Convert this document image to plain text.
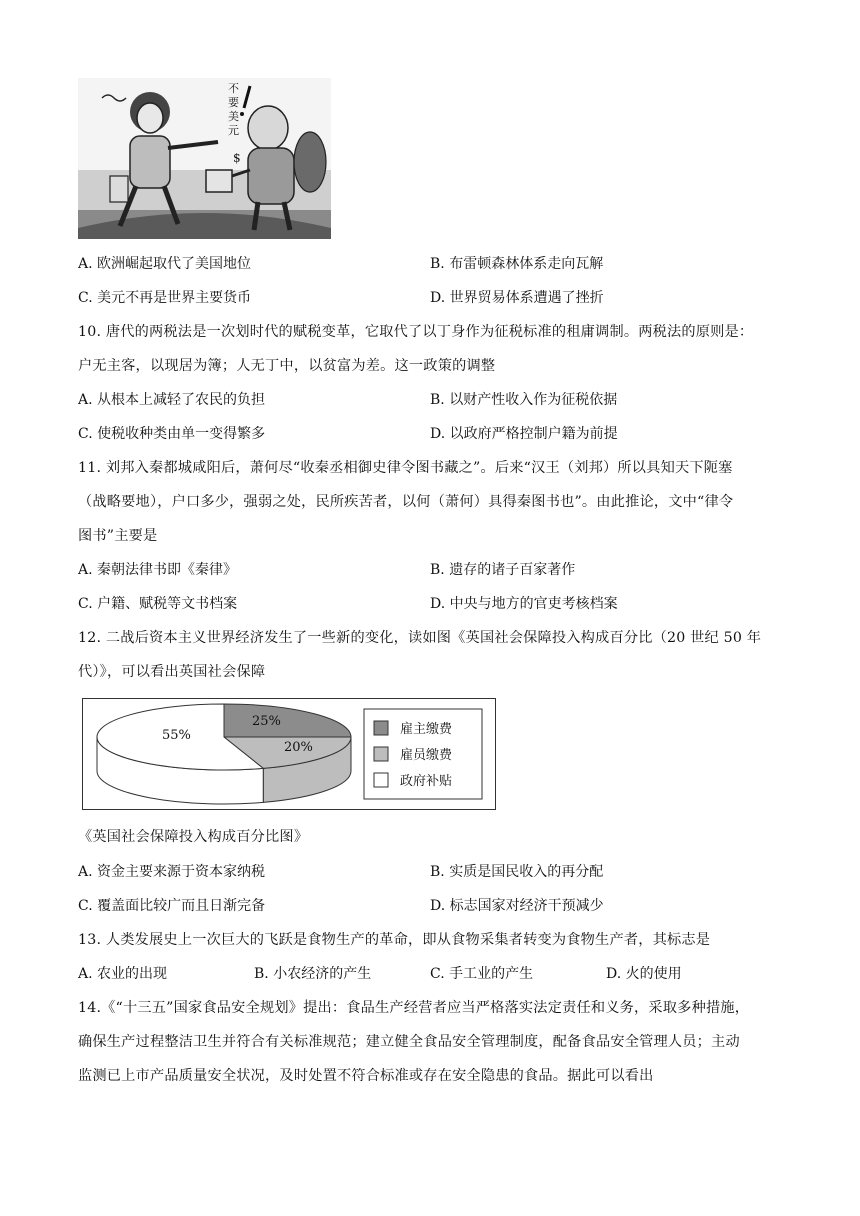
不
要
美
元
$
A. 欧洲崛起取代了美国地位	B. 布雷顿森林体系走向瓦解
C. 美元不再是世界主要货币	D. 世界贸易体系遭遇了挫折
10. 唐代的两税法是一次划时代的赋税变革，它取代了以丁身作为征税标准的租庸调制。两税法的原则是：
户无主客，以现居为簿；人无丁中，以贫富为差。这一政策的调整
A. 从根本上减轻了农民的负担	B. 以财产性收入作为征税依据
C. 使税收种类由单一变得繁多	D. 以政府严格控制户籍为前提
11. 刘邦入秦都城咸阳后，萧何尽“收秦丞相御史律令图书藏之”。后来“汉王（刘邦）所以具知天下阨塞
（战略要地），户口多少，强弱之处，民所疾苦者，以何（萧何）具得秦图书也”。由此推论，文中“律令
图书”主要是
A. 秦朝法律书即《秦律》	B. 遗存的诸子百家著作
C. 户籍、赋税等文书档案	D. 中央与地方的官吏考核档案
12. 二战后资本主义世界经济发生了一些新的变化，读如图《英国社会保障投入构成百分比（20 世纪 50 年
代）》，可以看出英国社会保障
25%
20%
55%	雇主缴费
雇员缴费
政府补贴
《英国社会保障投入构成百分比图》
A. 资金主要来源于资本家纳税	B. 实质是国民收入的再分配
C. 覆盖面比较广而且日渐完备	D. 标志国家对经济干预减少
13. 人类发展史上一次巨大的飞跃是食物生产的革命，即从食物采集者转变为食物生产者，其标志是
A. 农业的出现	B. 小农经济的产生	C. 手工业的产生	D. 火的使用
14.《“十三五”国家食品安全规划》提出：食品生产经营者应当严格落实法定责任和义务，采取多种措施，
确保生产过程整洁卫生并符合有关标准规范；建立健全食品安全管理制度，配备食品安全管理人员；主动
监测已上市产品质量安全状况，及时处置不符合标准或存在安全隐患的食品。据此可以看出
